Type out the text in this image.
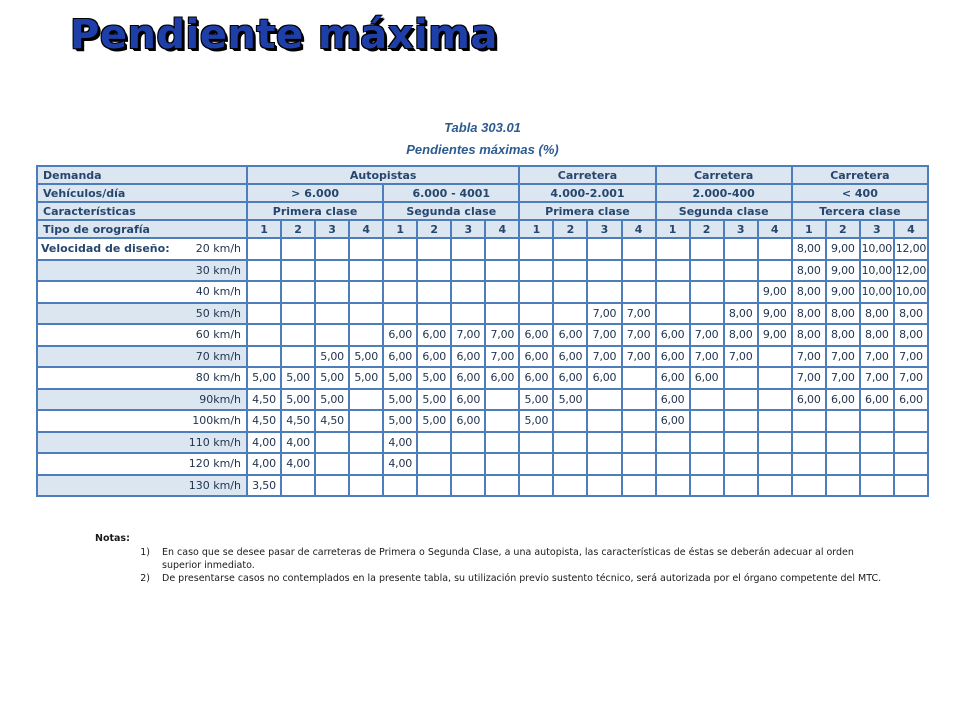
Pendiente máxima
Tabla 303.01
Pendientes máximas (%)
Demanda	Autopistas								Carretera				Carretera				Carretera			
Vehículos/día	> 6.000				6.000 - 4001				4.000-2.001				2.000-400				< 400			
Características	Primera clase				Segunda clase				Primera clase				Segunda clase				Tercera clase			
Tipo de orografía	1	2	3	4	1	2	3	4	1	2	3	4	1	2	3	4	1	2	3	4

Velocidad de diseño: 20 km/h																	8,00	9,00	10,00	12,00
30 km/h																	8,00	9,00	10,00	12,00
40 km/h																9,00	8,00	9,00	10,00	10,00
50 km/h											7,00	7,00			8,00	9,00	8,00	8,00	8,00	8,00
60 km/h					6,00	6,00	7,00	7,00	6,00	6,00	7,00	7,00	6,00	7,00	8,00	9,00	8,00	8,00	8,00	8,00
70 km/h			5,00	5,00	6,00	6,00	6,00	7,00	6,00	6,00	7,00	7,00	6,00	7,00	7,00		7,00	7,00	7,00	7,00
80 km/h	5,00	5,00	5,00	5,00	5,00	5,00	6,00	6,00	6,00	6,00	6,00		6,00	6,00			7,00	7,00	7,00	7,00
90km/h	4,50	5,00	5,00		5,00	5,00	6,00		5,00	5,00			6,00				6,00	6,00	6,00	6,00
100km/h	4,50	4,50	4,50		5,00	5,00	6,00		5,00				6,00							
110 km/h	4,00	4,00			4,00															
120 km/h	4,00	4,00			4,00															
130 km/h	3,50																			
Notas:
1)	En caso que se desee pasar de carreteras de Primera o Segunda Clase, a una autopista, las características de éstas se deberán adecuar al orden superior inmediato.
2)	De presentarse casos no contemplados en la presente tabla, su utilización previo sustento técnico, será autorizada por el órgano competente del MTC.
